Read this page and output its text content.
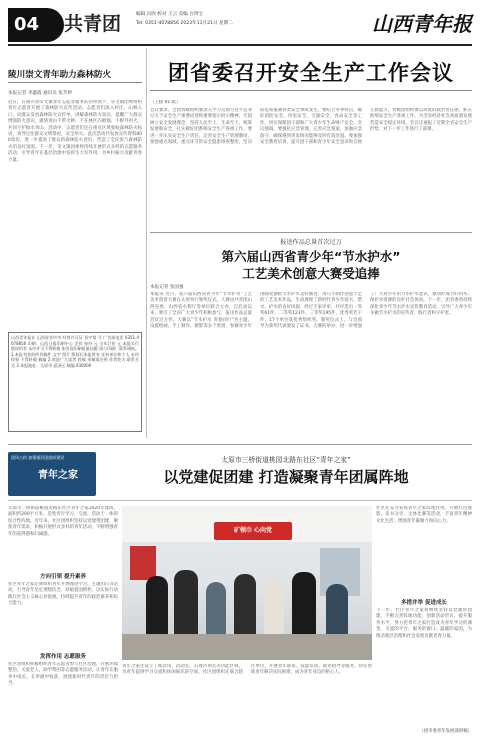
04	共青团	编辑 冯欣 校对 王云 美编 白玥宝
Tel: 0351-4078856 2023年11月21日 星期二	山西青年报
陵川崇文青年助力森林防火
本报记者 李鑫霞 通讯员 张芳婷
近日，在陵川县崇文镇青年志愿者服务队的带领下，崇文镇团委组织青年志愿者开展了森林防火宣传活动。志愿者们深入村庄、山林入口，向群众发放森林防火宣传单，讲解森林防火知识，提醒广大群众增强防火意识，做到进山不带火种、不在林区内吸烟、不野外用火，共同守护绿水青山。活动中，志愿者们还在重点区域张贴森林防火标语，劝导过往群众文明祭祀、安全用火。此次活动共发放宣传资料800余份，进一步提高了群众的森林防火意识，营造了全民参与森林防火的良好氛围。下一步，崇文镇团委将持续开展形式多样的志愿服务活动，引导青年在基层治理中发挥生力军作用，为乡村振兴贡献青春力量。
山西青年报社 山西省晋中市 经营许可证 晋字第 号 广告部电话 0351-4078856 印刷：山西日报印刷中心 定价 每份 元 全年订价 元 本报实行 版权所有 未经许可不得转载 如发现印刷质量问题 请与印刷厂联系调换。1.本报刊登的所有稿件 文字 图片 版权归本报所有 任何单位和个人 未经授权 不得转载 摘编 2.欢迎广大读者 投稿 来稿请注明 作者姓名 联系方式 3.本报地址：太原市 迎泽区 邮编 030000
团省委召开安全生产工作会议
（上接 01 版）
会议要求，全团各级组织要深入学习贯彻习近平总书记关于安全生产重要论述和重要指示批示精神，牢固树立安全发展理念，坚持人民至上、生命至上，统筹发展和安全，扎实做好团系统安全生产各项工作。要进一步压实安全生产责任，完善安全生产管理制度，加强重点领域、重点环节的安全隐患排查整治，坚决防范和遏制各类安全事故发生。要结合冬季特点，做好消防安全、用电安全、交通安全、食品安全等工作，切实保障团干部和广大青少年生命财产安全。会议强调，要强化应急管理，完善应急预案，加强应急值守，确保遇到突发情况能够及时有效处置。要加强安全教育培训，提升团干部和青少年安全意识和自救互救能力。各级团组织要以高度的政治责任感，抓实抓细安全生产各项工作，为全省经济社会高质量发展营造安全稳定环境。会议还通报了近期全省安全生产形势，对下一步工作进行了部署。
报送作品总量首次过万
第六届山西省青少年“节水护水”
工艺美术创意大赛受追捧
本报记者 张国强
本报讯 近日，第六届山西省青少年“节水护水”工艺美术创意大赛在太原举行颁奖仪式。大赛由共青团山西省委、山西省水利厅等单位联合主办，自启动以来，吸引了全省广大青少年积极参与，报送作品总量首次过万件。大赛以“节水护水 青春同行”为主题，设置绘画、手工制作、摄影等多个类别，参赛青少年用画笔描绘节水护水美好画卷，用巧手制作创意十足的工艺美术作品，生动展现了新时代青少年爱水、惜水、护水的良好风貌。经过专家评审，共评选出一等奖61件、二等奖123件、三等奖195件，优秀奖若干件，17个单位获优秀组织奖。颁奖仪式上，与会领导为获奖代表颁发了证书。大赛的举办，进一步增强了广大青少年的节水护水意识，推动形成节约用水、保护水资源的良好社会风尚。下一步，团省委将持续深化青少年节水护水宣传教育活动，引导广大青少年争做节水护水的宣传者、践行者和守护者。
团风公约 加强基层团组织建设
青年之家
太原市三桥街道桃园北路东社区“青年之家”
以党建促团建 打造凝聚青年团属阵地
太原市三桥街道桃园北路东社区青年之家2020年建成，面积约200平方米，是集青年学习、交流、活动于一体的综合性阵地。近年来，社区团组织坚持以党建带团建，聚焦青年需求，积极开展形式多样的青年活动，不断增强青年的获得感和归属感。
方向引领 提升素养
社区青年之家定期组织青年开展理论学习、主题团日等活动，引导青年坚定理想信念，厚植爱国情怀，以实际行动践行社会主义核心价值观，持续提升青年的政治素养和综合能力。
发挥作用 志愿服务
社区团组织积极组织青年志愿者参与社区治理，开展环境整治、关爱老人、助学帮困等志愿服务活动，让青年在服务中成长，在奉献中收获，展现新时代青年的责任与担当。
矿领巾 心向党
青年之家还设立了阅读角、活动室、心理咨询室等功能区域，为青年提供学习交流和休闲娱乐的空间。社区团组织还联合辖区单位，开展青年联谊、技能培训、就业指导等服务，切实帮助青年解决实际困难，成为青年身边的贴心人。
社区还充分发挥青年之家阵地作用，开展红色观影、读书分享、文体比赛等活动，丰富青年精神文化生活，增强青年凝聚力和向心力。
多措并举 促进成长
下一步，社区青年之家将继续坚持以党建带团建，不断完善阵地功能，创新活动形式，提升服务水平，努力把青年之家打造成为青年学习的课堂、交流的平台、服务的窗口、温暖的家园，为推动基层治理和社会发展贡献青春力量。
（团市委青年发展部供稿）
